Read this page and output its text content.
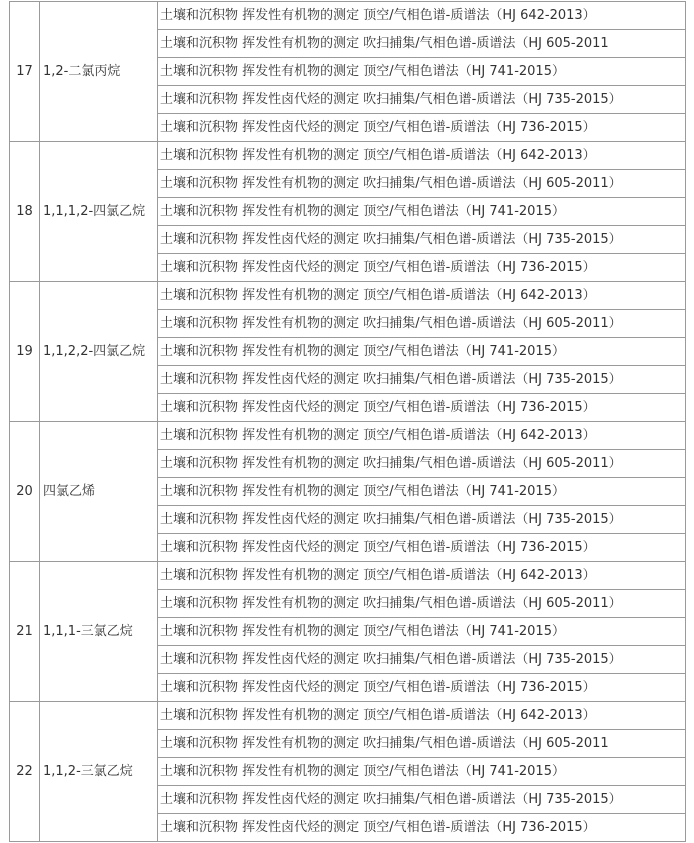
17	1,2-二氯丙烷	土壤和沉积物 挥发性有机物的测定 顶空/气相色谱-质谱法（HJ 642-2013）
		土壤和沉积物 挥发性有机物的测定 吹扫捕集/气相色谱-质谱法（HJ 605-2011
		土壤和沉积物 挥发性有机物的测定 顶空/气相色谱法（HJ 741-2015）
		土壤和沉积物 挥发性卤代烃的测定 吹扫捕集/气相色谱-质谱法（HJ 735-2015）
		土壤和沉积物 挥发性卤代烃的测定 顶空/气相色谱-质谱法（HJ 736-2015）
18	1,1,1,2-四氯乙烷	土壤和沉积物 挥发性有机物的测定 顶空/气相色谱-质谱法（HJ 642-2013）
		土壤和沉积物 挥发性有机物的测定 吹扫捕集/气相色谱-质谱法（HJ 605-2011）
		土壤和沉积物 挥发性有机物的测定 顶空/气相色谱法（HJ 741-2015）
		土壤和沉积物 挥发性卤代烃的测定 吹扫捕集/气相色谱-质谱法（HJ 735-2015）
		土壤和沉积物 挥发性卤代烃的测定 顶空/气相色谱-质谱法（HJ 736-2015）
19	1,1,2,2-四氯乙烷	土壤和沉积物 挥发性有机物的测定 顶空/气相色谱-质谱法（HJ 642-2013）
		土壤和沉积物 挥发性有机物的测定 吹扫捕集/气相色谱-质谱法（HJ 605-2011）
		土壤和沉积物 挥发性有机物的测定 顶空/气相色谱法（HJ 741-2015）
		土壤和沉积物 挥发性卤代烃的测定 吹扫捕集/气相色谱-质谱法（HJ 735-2015）
		土壤和沉积物 挥发性卤代烃的测定 顶空/气相色谱-质谱法（HJ 736-2015）
20	四氯乙烯	土壤和沉积物 挥发性有机物的测定 顶空/气相色谱-质谱法（HJ 642-2013）
		土壤和沉积物 挥发性有机物的测定 吹扫捕集/气相色谱-质谱法（HJ 605-2011）
		土壤和沉积物 挥发性有机物的测定 顶空/气相色谱法（HJ 741-2015）
		土壤和沉积物 挥发性卤代烃的测定 吹扫捕集/气相色谱-质谱法（HJ 735-2015）
		土壤和沉积物 挥发性卤代烃的测定 顶空/气相色谱-质谱法（HJ 736-2015）
21	1,1,1-三氯乙烷	土壤和沉积物 挥发性有机物的测定 顶空/气相色谱-质谱法（HJ 642-2013）
		土壤和沉积物 挥发性有机物的测定 吹扫捕集/气相色谱-质谱法（HJ 605-2011）
		土壤和沉积物 挥发性有机物的测定 顶空/气相色谱法（HJ 741-2015）
		土壤和沉积物 挥发性卤代烃的测定 吹扫捕集/气相色谱-质谱法（HJ 735-2015）
		土壤和沉积物 挥发性卤代烃的测定 顶空/气相色谱-质谱法（HJ 736-2015）
22	1,1,2-三氯乙烷	土壤和沉积物 挥发性有机物的测定 顶空/气相色谱-质谱法（HJ 642-2013）
		土壤和沉积物 挥发性有机物的测定 吹扫捕集/气相色谱-质谱法（HJ 605-2011
		土壤和沉积物 挥发性有机物的测定 顶空/气相色谱法（HJ 741-2015）
		土壤和沉积物 挥发性卤代烃的测定 吹扫捕集/气相色谱-质谱法（HJ 735-2015）
		土壤和沉积物 挥发性卤代烃的测定 顶空/气相色谱-质谱法（HJ 736-2015）
